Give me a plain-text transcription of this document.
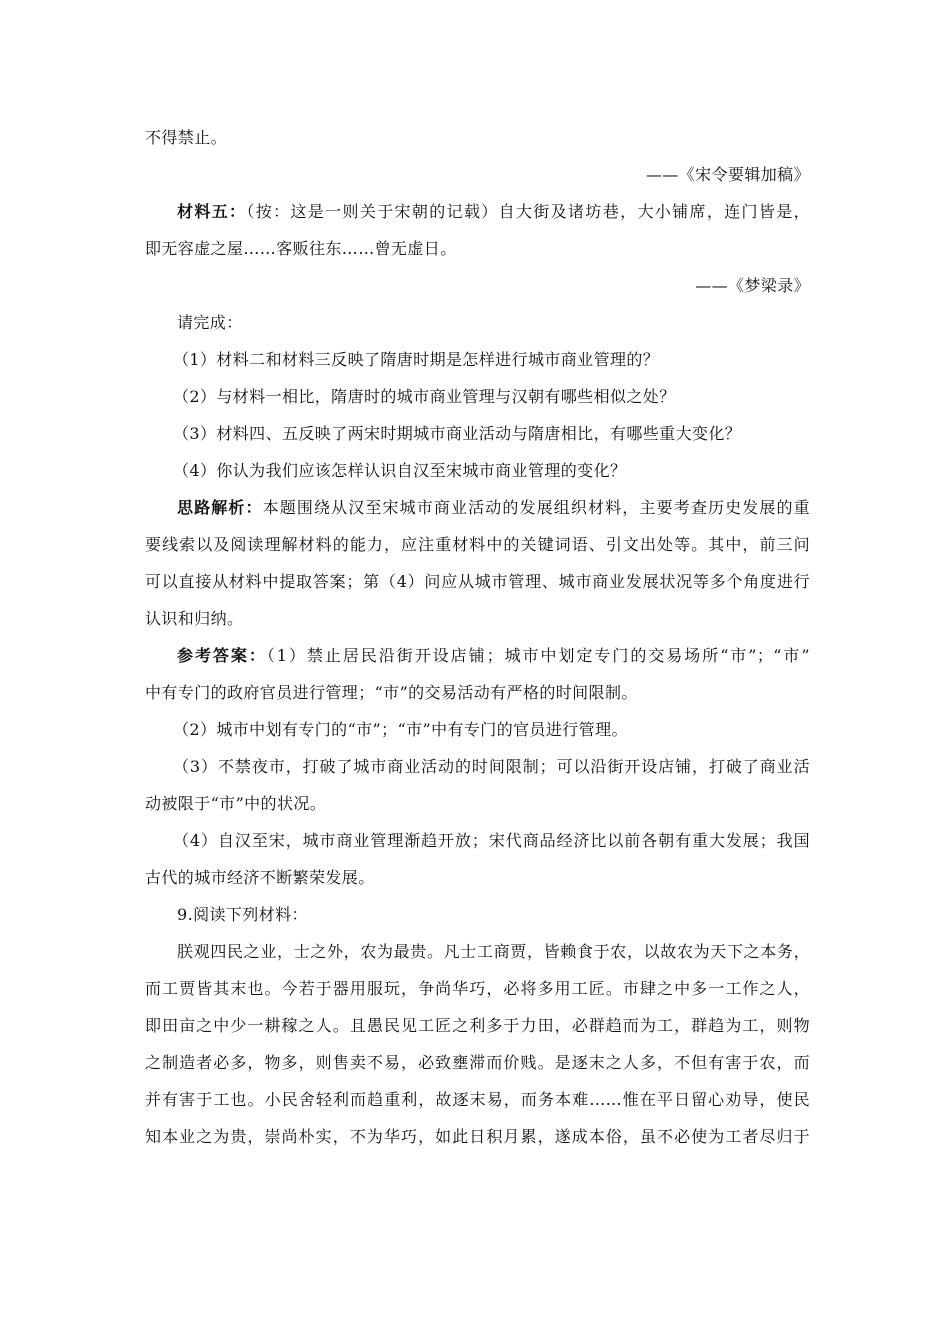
不得禁止。
——《宋令要辑加稿》
材料五：（按：这是一则关于宋朝的记载）自大街及诸坊巷，大小铺席，连门皆是，
即无容虚之屋……客贩往东……曾无虚日。
——《梦梁录》
请完成：
（1）材料二和材料三反映了隋唐时期是怎样进行城市商业管理的？
（2）与材料一相比，隋唐时的城市商业管理与汉朝有哪些相似之处？
（3）材料四、五反映了两宋时期城市商业活动与隋唐相比，有哪些重大变化？
（4）你认为我们应该怎样认识自汉至宋城市商业管理的变化？
思路解析：本题围绕从汉至宋城市商业活动的发展组织材料，主要考查历史发展的重
要线索以及阅读理解材料的能力，应注重材料中的关键词语、引文出处等。其中，前三问
可以直接从材料中提取答案；第（4）问应从城市管理、城市商业发展状况等多个角度进行
认识和归纳。
参考答案：（1）禁止居民沿街开设店铺；城市中划定专门的交易场所“市”；“市”
中有专门的政府官员进行管理；“市”的交易活动有严格的时间限制。
（2）城市中划有专门的“市”；“市”中有专门的官员进行管理。
（3）不禁夜市，打破了城市商业活动的时间限制；可以沿街开设店铺，打破了商业活
动被限于“市”中的状况。
（4）自汉至宋，城市商业管理渐趋开放；宋代商品经济比以前各朝有重大发展；我国
古代的城市经济不断繁荣发展。
9.阅读下列材料：
朕观四民之业，士之外，农为最贵。凡士工商贾，皆赖食于农，以故农为天下之本务，
而工贾皆其末也。今若于器用服玩，争尚华巧，必将多用工匠。市肆之中多一工作之人，
即田亩之中少一耕稼之人。且愚民见工匠之利多于力田，必群趋而为工，群趋为工，则物
之制造者必多，物多，则售卖不易，必致壅滞而价贱。是逐末之人多，不但有害于农，而
并有害于工也。小民舍轻利而趋重利，故逐末易，而务本难……惟在平日留心劝导，使民
知本业之为贵，崇尚朴实，不为华巧，如此日积月累，遂成本俗，虽不必使为工者尽归于
